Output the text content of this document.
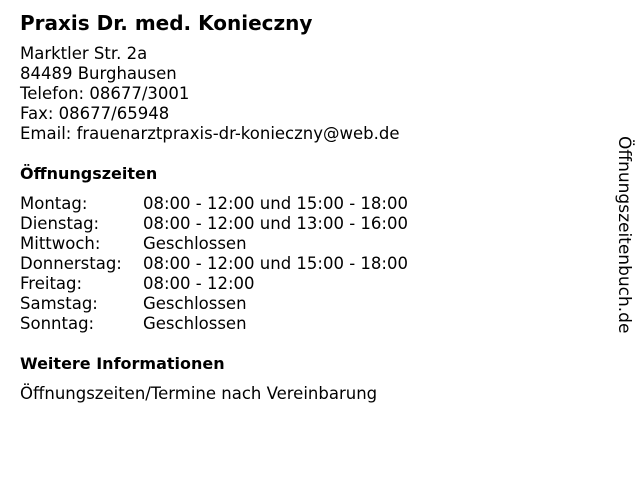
Praxis Dr. med. Konieczny
Marktler Str. 2a
84489 Burghausen
Telefon: 08677/3001
Fax: 08677/65948
Email: frauenarztpraxis-dr-konieczny@web.de
Öffnungszeiten
Montag:	08:00 - 12:00 und 15:00 - 18:00
Dienstag:	08:00 - 12:00 und 13:00 - 16:00
Mittwoch:	Geschlossen
Donnerstag:	08:00 - 12:00 und 15:00 - 18:00
Freitag:	08:00 - 12:00
Samstag:	Geschlossen
Sonntag:	Geschlossen
Weitere Informationen
Öffnungszeiten/Termine nach Vereinbarung
Öffnungszeitenbuch.de
